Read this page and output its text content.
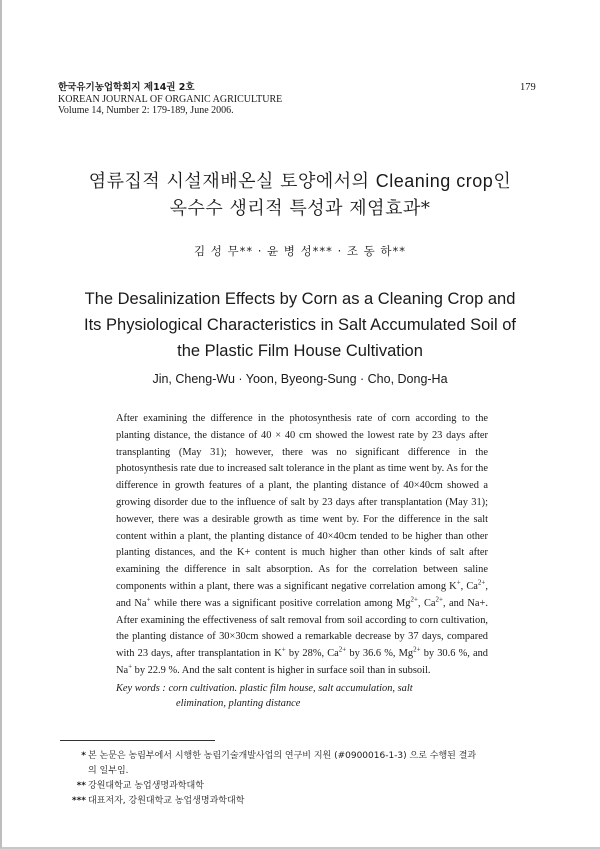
한국유기농업학회지 제14권 2호
KOREAN JOURNAL OF ORGANIC AGRICULTURE
Volume 14, Number 2: 179-189, June 2006.
179
염류집적 시설재배온실 토양에서의 Cleaning crop인
옥수수 생리적 특성과 제염효과*
김 성 무** · 윤 병 성*** · 조 동 하**
The Desalinization Effects by Corn as a Cleaning Crop and
Its Physiological Characteristics in Salt Accumulated Soil of
the Plastic Film House Cultivation
Jin, Cheng-Wu · Yoon, Byeong-Sung · Cho, Dong-Ha
After examining the difference in the photosynthesis rate of corn according to the planting distance, the distance of 40 × 40 cm showed the lowest rate by 23 days after transplanting (May 31); however, there was no significant difference in the photosynthesis rate due to increased salt tolerance in the plant as time went by. As for the difference in growth features of a plant, the planting distance of 40×40cm showed a growing disorder due to the influence of salt by 23 days after transplantation (May 31); however, there was a desirable growth as time went by. For the difference in the salt content within a plant, the planting distance of 40×40cm tended to be higher than other planting distances, and the K+ content is much higher than other kinds of salt after examining the difference in salt absorption. As for the correlation between saline components within a plant, there was a significant negative correlation among K+, $Ca^{2+}$, and Na+ while there was a significant positive correlation among $Mg^{2+}$, $Ca^{2+}$, and Na+. After examining the effectiveness of salt removal from soil according to corn cultivation, the planting distance of 30×30cm showed a remarkable decrease by 37 days, compared with 23 days, after transplantation in K+ by 28%, $Ca^{2+}$ by 36.6 %, $Mg^{2+}$ by 30.6 %, and Na+ by 22.9 %. And the salt content is higher in surface soil than in subsoil.
Key words : corn cultivation. plastic film house, salt accumulation, salt
elimination, planting distance
* 본 논문은 농림부에서 시행한 농림기술개발사업의 연구비 지원 (#0900016-1-3) 으로 수행된 결과
의 일부임.
** 강원대학교 농업생명과학대학
*** 대표저자, 강원대학교 농업생명과학대학
